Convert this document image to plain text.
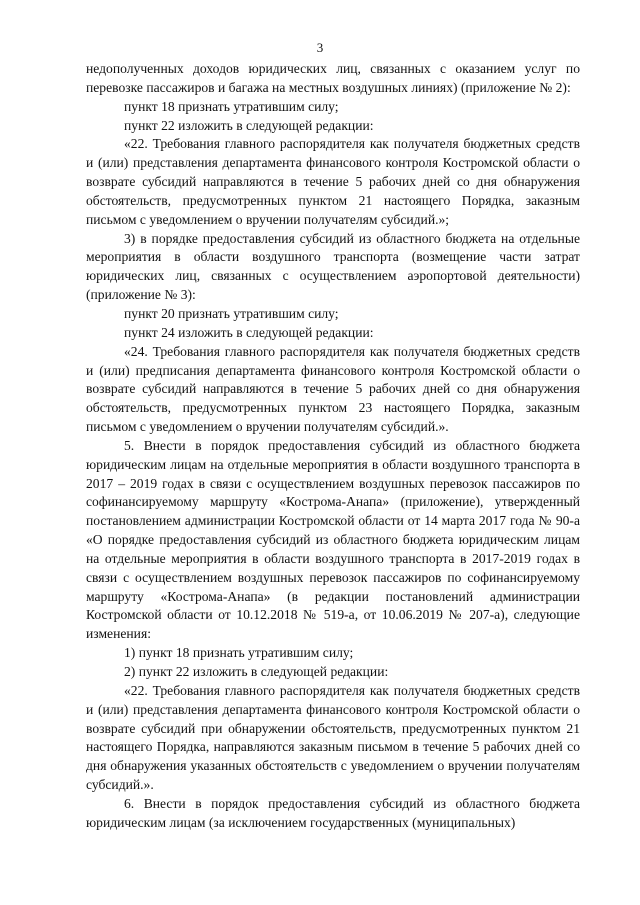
3

недополученных доходов юридических лиц, связанных с оказанием услуг по перевозке пассажиров и багажа на местных воздушных линиях) (приложение № 2):

пункт 18 признать утратившим силу;

пункт 22 изложить в следующей редакции:

«22. Требования главного распорядителя как получателя бюджетных средств и (или) представления департамента финансового контроля Костромской области о возврате субсидий направляются в течение 5 рабочих дней со дня обнаружения обстоятельств, предусмотренных пунктом 21 настоящего Порядка, заказным письмом с уведомлением о вручении получателям субсидий.»;

3) в порядке предоставления субсидий из областного бюджета на отдельные мероприятия в области воздушного транспорта (возмещение части затрат юридических лиц, связанных с осуществлением аэропортовой деятельности) (приложение № 3):

пункт 20 признать утратившим силу;

пункт 24 изложить в следующей редакции:

«24. Требования главного распорядителя как получателя бюджетных средств и (или) предписания департамента финансового контроля Костромской области о возврате субсидий направляются в течение 5 рабочих дней со дня обнаружения обстоятельств, предусмотренных пунктом 23 настоящего Порядка, заказным письмом с уведомлением о вручении получателям субсидий.».

5. Внести в порядок предоставления субсидий из областного бюджета юридическим лицам на отдельные мероприятия в области воздушного транспорта в 2017 – 2019 годах в связи с осуществлением воздушных перевозок пассажиров по софинансируемому маршруту «Кострома-Анапа» (приложение), утвержденный постановлением администрации Костромской области от 14 марта 2017 года № 90-а «О порядке предоставления субсидий из областного бюджета юридическим лицам на отдельные мероприятия в области воздушного транспорта в 2017-2019 годах в связи с осуществлением воздушных перевозок пассажиров по софинансируемому маршруту «Кострома-Анапа» (в редакции постановлений администрации Костромской области от 10.12.2018 № 519-а, от 10.06.2019 № 207-а), следующие изменения:

1) пункт 18 признать утратившим силу;

2) пункт 22 изложить в следующей редакции:

«22. Требования главного распорядителя как получателя бюджетных средств и (или) представления департамента финансового контроля Костромской области о возврате субсидий при обнаружении обстоятельств, предусмотренных пунктом 21 настоящего Порядка, направляются заказным письмом в течение 5 рабочих дней со дня обнаружения указанных обстоятельств с уведомлением о вручении получателям субсидий.».

6. Внести в порядок предоставления субсидий из областного бюджета юридическим лицам (за исключением государственных (муниципальных)
